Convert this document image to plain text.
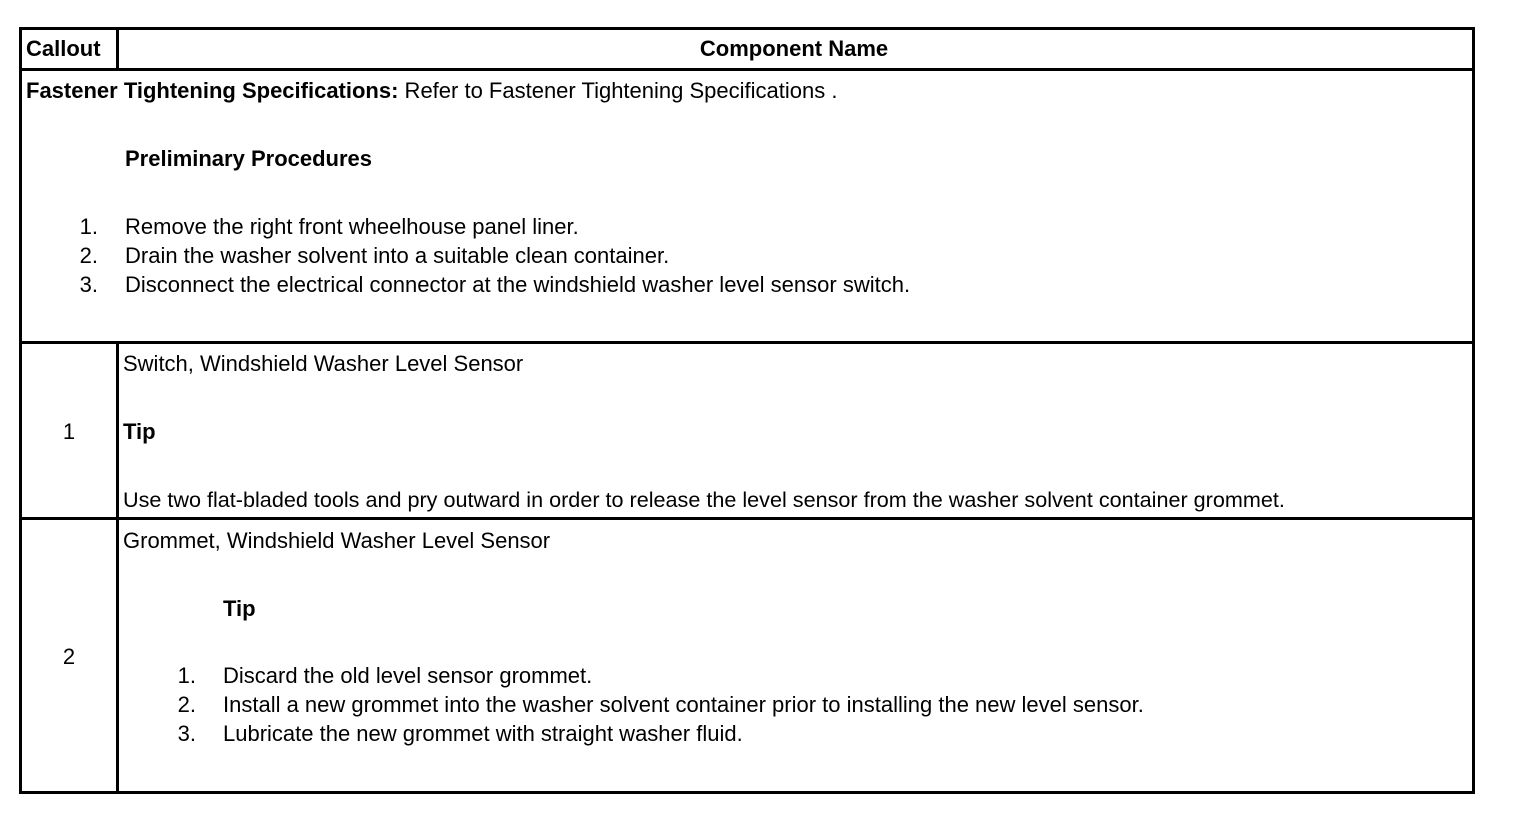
Callout	Component Name
Fastener Tightening Specifications: Refer to Fastener Tightening Specifications .
Preliminary Procedures
1. Remove the right front wheelhouse panel liner.
2. Drain the washer solvent into a suitable clean container.
3. Disconnect the electrical connector at the windshield washer level sensor switch.
1
Switch, Windshield Washer Level Sensor
Tip
Use two flat-bladed tools and pry outward in order to release the level sensor from the washer solvent container grommet.
2
Grommet, Windshield Washer Level Sensor
Tip
1. Discard the old level sensor grommet.
2. Install a new grommet into the washer solvent container prior to installing the new level sensor.
3. Lubricate the new grommet with straight washer fluid.
